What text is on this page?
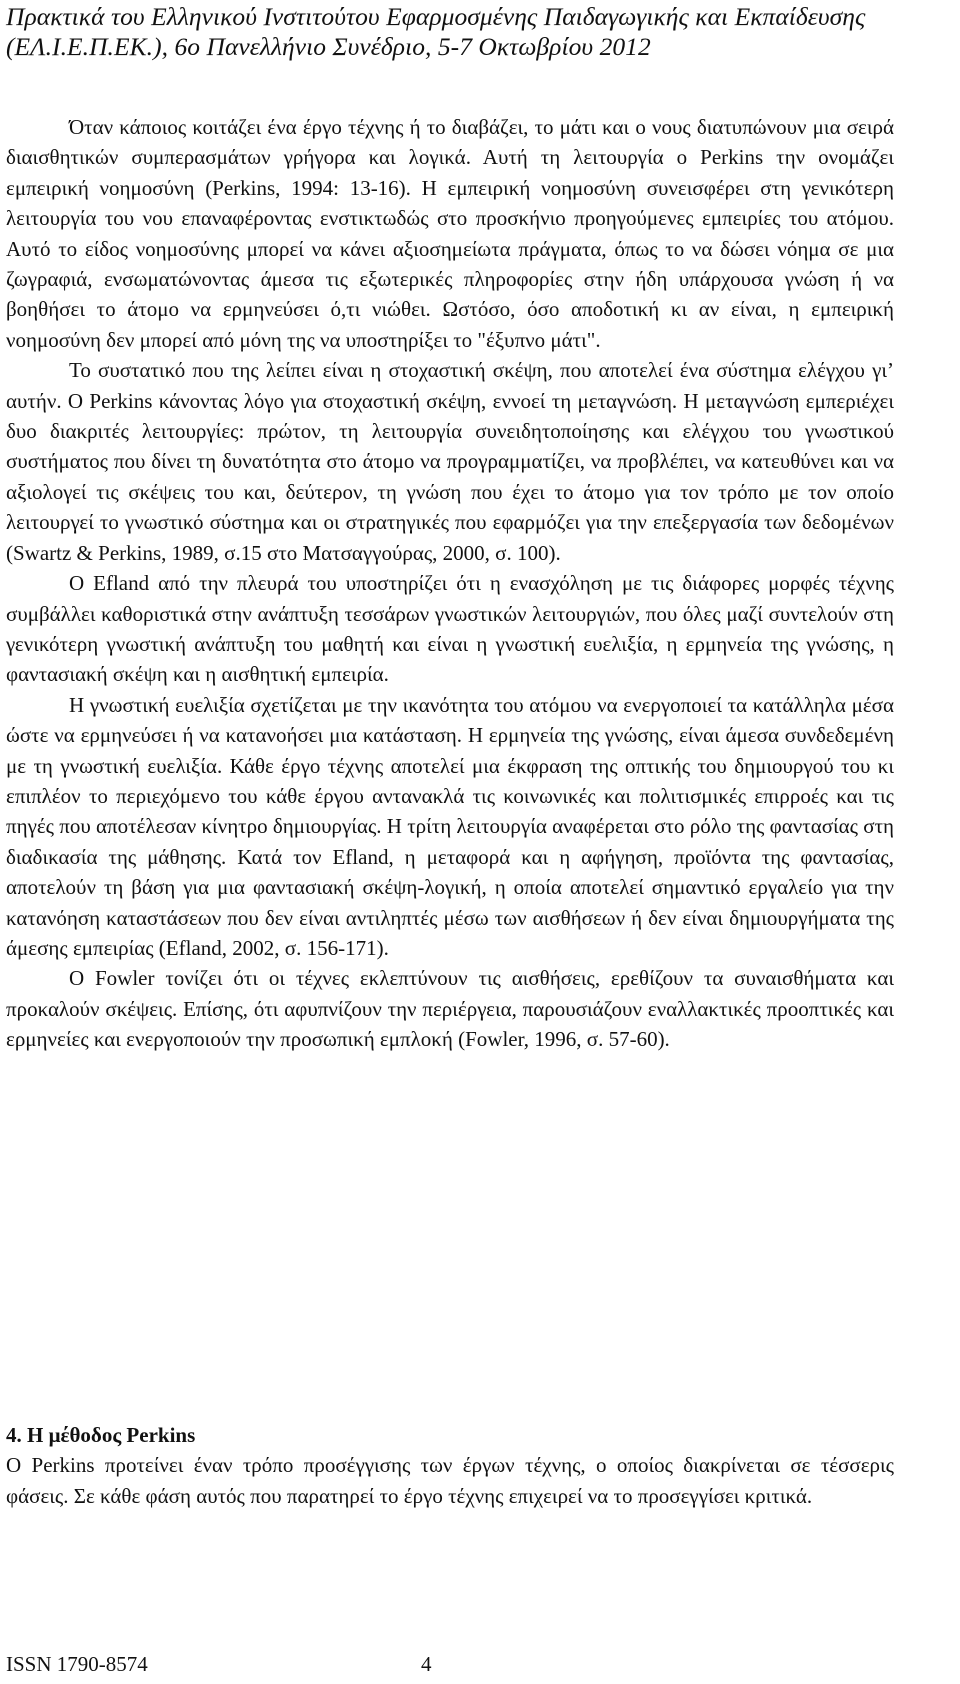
Πρακτικά του Ελληνικού Ινστιτούτου Εφαρμοσμένης Παιδαγωγικής και Εκπαίδευσης
(ΕΛ.Ι.Ε.Π.ΕΚ.), 6ο Πανελλήνιο Συνέδριο, 5-7 Οκτωβρίου 2012

Όταν κάποιος κοιτάζει ένα έργο τέχνης ή το διαβάζει, το μάτι και ο νους διατυπώνουν μια σειρά διαισθητικών συμπερασμάτων γρήγορα και λογικά. Αυτή τη λειτουργία ο Perkins την ονομάζει εμπειρική νοημοσύνη (Perkins, 1994: 13-16). Η εμπειρική νοημοσύνη συνεισφέρει στη γενικότερη λειτουργία του νου επαναφέροντας ενστικτωδώς στο προσκήνιο προηγούμενες εμπειρίες του ατόμου. Αυτό το είδος νοημοσύνης μπορεί να κάνει αξιοσημείωτα πράγματα, όπως το να δώσει νόημα σε μια ζωγραφιά, ενσωματώνοντας άμεσα τις εξωτερικές πληροφορίες στην ήδη υπάρχουσα γνώση ή να βοηθήσει το άτομο να ερμηνεύσει ό,τι νιώθει. Ωστόσο, όσο αποδοτική κι αν είναι, η εμπειρική νοημοσύνη δεν μπορεί από μόνη της να υποστηρίξει το "έξυπνο μάτι".

Το συστατικό που της λείπει είναι η στοχαστική σκέψη, που αποτελεί ένα σύστημα ελέγχου γι’ αυτήν. Ο Perkins κάνοντας λόγο για στοχαστική σκέψη, εννοεί τη μεταγνώση. Η μεταγνώση εμπεριέχει δυο διακριτές λειτουργίες: πρώτον, τη λειτουργία συνειδητοποίησης και ελέγχου του γνωστικού συστήματος που δίνει τη δυνατότητα στο άτομο να προγραμματίζει, να προβλέπει, να κατευθύνει και να αξιολογεί τις σκέψεις του και, δεύτερον, τη γνώση που έχει το άτομο για τον τρόπο με τον οποίο λειτουργεί το γνωστικό σύστημα και οι στρατηγικές που εφαρμόζει για την επεξεργασία των δεδομένων (Swartz & Perkins, 1989, σ.15 στο Ματσαγγούρας, 2000, σ. 100).

Ο Efland από την πλευρά του υποστηρίζει ότι η ενασχόληση με τις διάφορες μορφές τέχνης συμβάλλει καθοριστικά στην ανάπτυξη τεσσάρων γνωστικών λειτουργιών, που όλες μαζί συντελούν στη γενικότερη γνωστική ανάπτυξη του μαθητή και είναι η γνωστική ευελιξία, η ερμηνεία της γνώσης, η φαντασιακή σκέψη και η αισθητική εμπειρία.

Η γνωστική ευελιξία σχετίζεται με την ικανότητα του ατόμου να ενεργοποιεί τα κατάλληλα μέσα ώστε να ερμηνεύσει ή να κατανοήσει μια κατάσταση. Η ερμηνεία της γνώσης, είναι άμεσα συνδεδεμένη με τη γνωστική ευελιξία. Κάθε έργο τέχνης αποτελεί μια έκφραση της οπτικής του δημιουργού του κι επιπλέον το περιεχόμενο του κάθε έργου αντανακλά τις κοινωνικές και πολιτισμικές επιρροές και τις πηγές που αποτέλεσαν κίνητρο δημιουργίας. Η τρίτη λειτουργία αναφέρεται στο ρόλο της φαντασίας στη διαδικασία της μάθησης. Κατά τον Efland, η μεταφορά και η αφήγηση, προϊόντα της φαντασίας, αποτελούν τη βάση για μια φαντασιακή σκέψη-λογική, η οποία αποτελεί σημαντικό εργαλείο για την κατανόηση καταστάσεων που δεν είναι αντιληπτές μέσω των αισθήσεων ή δεν είναι δημιουργήματα της άμεσης εμπειρίας (Efland, 2002, σ. 156-171).

Ο Fowler τονίζει ότι οι τέχνες εκλεπτύνουν τις αισθήσεις, ερεθίζουν τα συναισθήματα και προκαλούν σκέψεις. Επίσης, ότι αφυπνίζουν την περιέργεια, παρουσιάζουν εναλλακτικές προοπτικές και ερμηνείες και ενεργοποιούν την προσωπική εμπλοκή (Fowler, 1996, σ. 57-60).

4. Η μέθοδος Perkins

Ο Perkins προτείνει έναν τρόπο προσέγγισης των έργων τέχνης, ο οποίος διακρίνεται σε τέσσερις φάσεις. Σε κάθε φάση αυτός που παρατηρεί το έργο τέχνης επιχειρεί να το προσεγγίσει κριτικά.

ISSN 1790-8574	4
